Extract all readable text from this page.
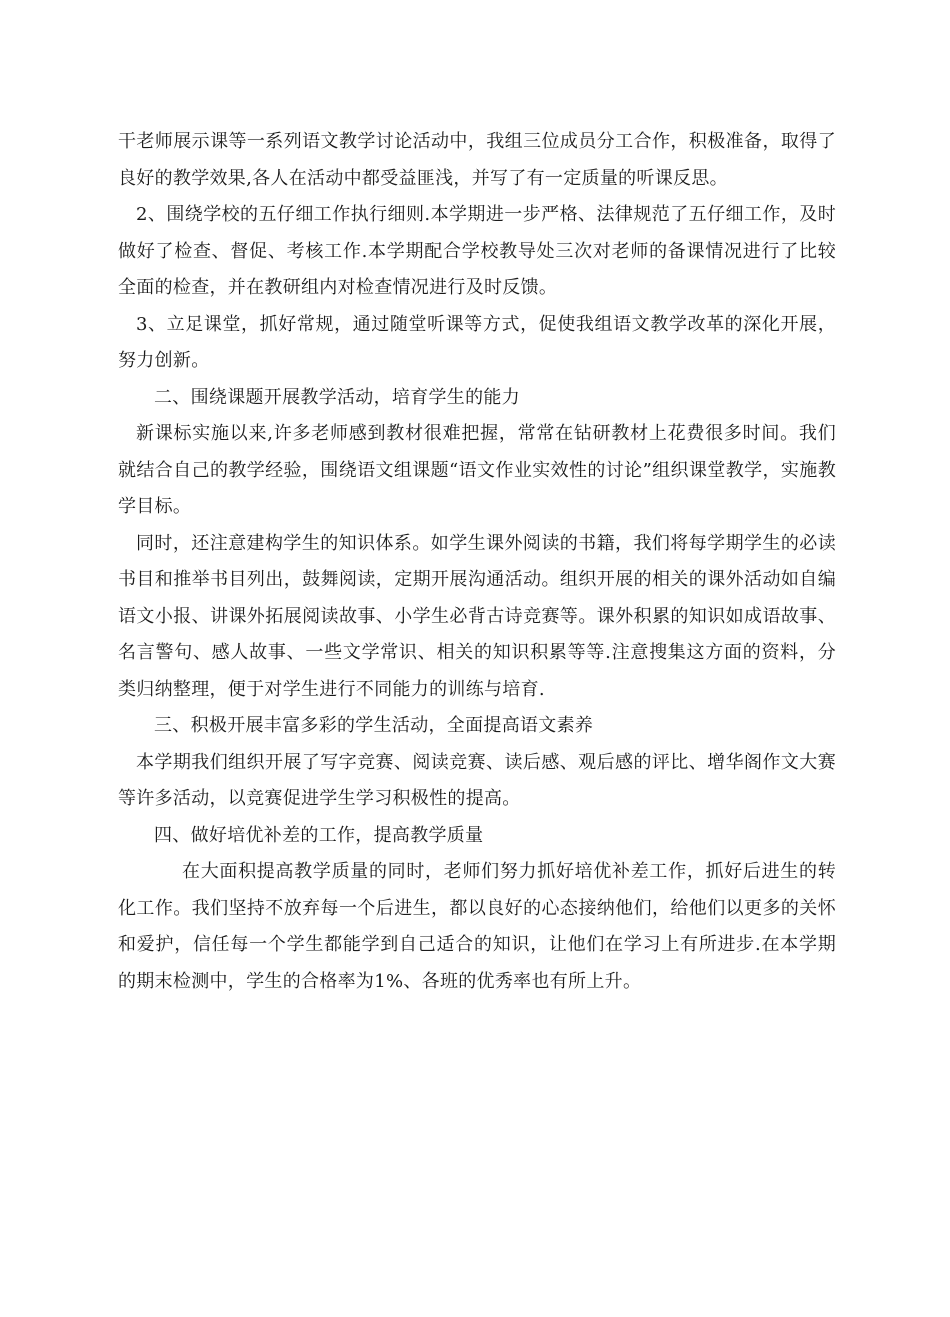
干老师展示课等一系列语文教学讨论活动中，我组三位成员分工合作，积极准备，取得了良好的教学效果,各人在活动中都受益匪浅，并写了有一定质量的听课反思。

2、围绕学校的五仔细工作执行细则.本学期进一步严格、法律规范了五仔细工作，及时做好了检查、督促、考核工作.本学期配合学校教导处三次对老师的备课情况进行了比较全面的检查，并在教研组内对检查情况进行及时反馈。

3、立足课堂，抓好常规，通过随堂听课等方式，促使我组语文教学改革的深化开展，努力创新。

二、围绕课题开展教学活动，培育学生的能力

新课标实施以来,许多老师感到教材很难把握，常常在钻研教材上花费很多时间。我们就结合自己的教学经验，围绕语文组课题“语文作业实效性的讨论”组织课堂教学，实施教学目标。

同时，还注意建构学生的知识体系。如学生课外阅读的书籍，我们将每学期学生的必读书目和推举书目列出，鼓舞阅读，定期开展沟通活动。组织开展的相关的课外活动如自编语文小报、讲课外拓展阅读故事、小学生必背古诗竞赛等。课外积累的知识如成语故事、名言警句、感人故事、一些文学常识、相关的知识积累等等.注意搜集这方面的资料，分类归纳整理，便于对学生进行不同能力的训练与培育.

三、积极开展丰富多彩的学生活动，全面提高语文素养

本学期我们组织开展了写字竞赛、阅读竞赛、读后感、观后感的评比、增华阁作文大赛等许多活动，以竞赛促进学生学习积极性的提高。

四、做好培优补差的工作，提高教学质量

在大面积提高教学质量的同时，老师们努力抓好培优补差工作，抓好后进生的转化工作。我们坚持不放弃每一个后进生，都以良好的心态接纳他们，给他们以更多的关怀和爱护，信任每一个学生都能学到自己适合的知识，让他们在学习上有所进步.在本学期的期末检测中，学生的合格率为1%、各班的优秀率也有所上升。
